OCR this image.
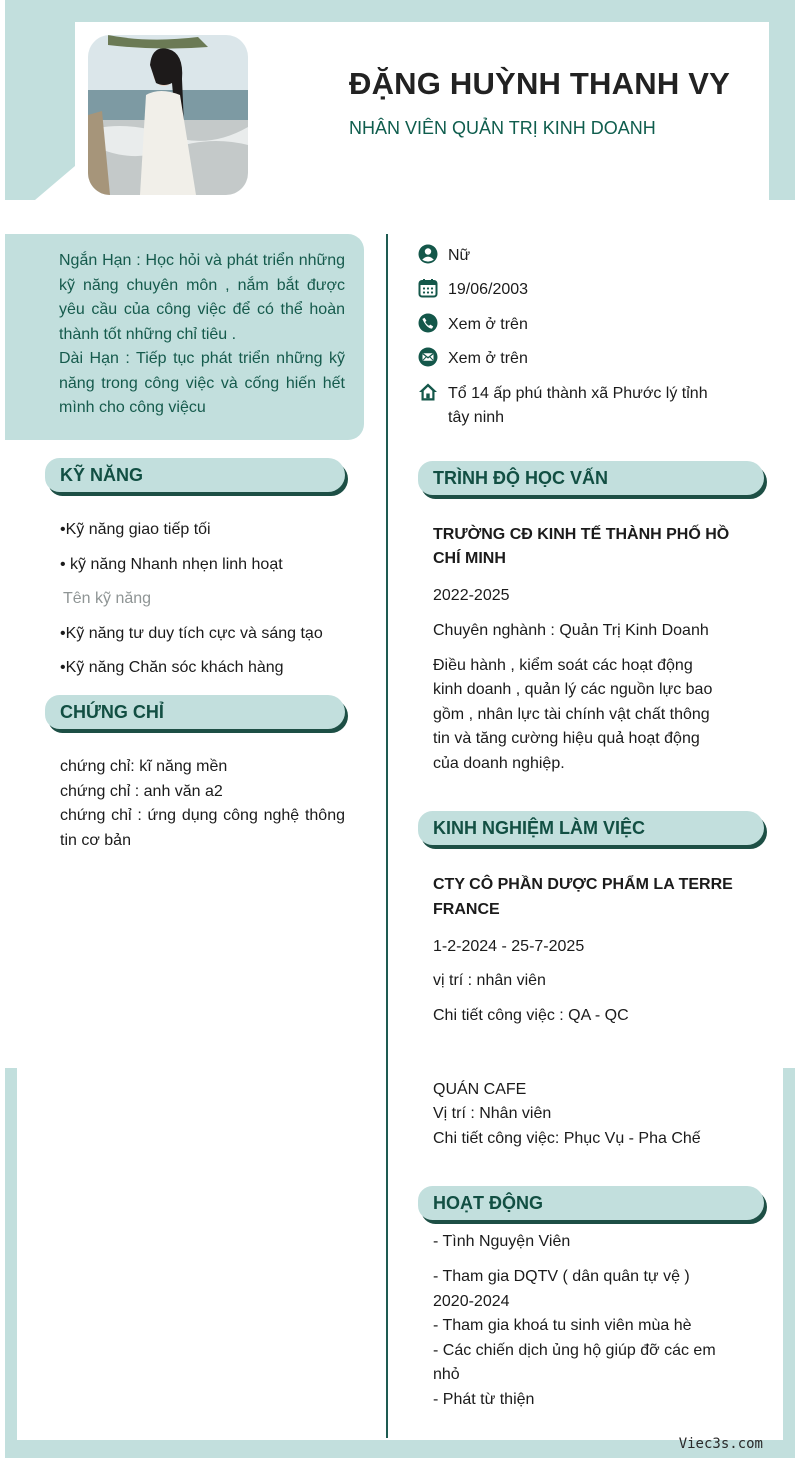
ĐẶNG HUỲNH THANH VY
NHÂN VIÊN QUẢN TRỊ KINH DOANH

Ngắn Hạn : Học hỏi và phát triển những kỹ năng chuyên môn , nắm bắt được yêu cầu của công việc để có thể hoàn thành tốt những chỉ tiêu .

Dài Hạn : Tiếp tục phát triển những kỹ năng trong công việc và cống hiến hết mình cho công việcu

Nữ
19/06/2003
Xem ở trên
Xem ở trên
Tổ 14 ấp phú thành xã Phước lý tỉnh
tây ninh
KỸ NĂNG
•Kỹ năng giao tiếp tối
• kỹ năng Nhanh nhẹn linh hoạt
Tên kỹ năng
•Kỹ năng tư duy tích cực và sáng tạo
•Kỹ năng Chăn sóc khách hàng
CHỨNG CHỈ
chứng chỉ: kĩ năng mền
chứng chỉ : anh văn a2
chứng chỉ : ứng dụng công nghệ thông tin cơ bản
TRÌNH ĐỘ HỌC VẤN
TRƯỜNG CĐ KINH TẾ THÀNH PHỐ HỒ
CHÍ MINH
2022-2025
Chuyên nghành : Quản Trị Kinh Doanh
Điều hành , kiểm soát các hoạt động
kinh doanh , quản lý các nguồn lực bao
gồm , nhân lực tài chính vật chất thông
tin và tăng cường hiệu quả hoạt động
của doanh nghiệp.
KINH NGHIỆM LÀM VIỆC
CTY CÔ PHẦN DƯỢC PHẨM LA TERRE
FRANCE
1-2-2024 - 25-7-2025
vị trí : nhân viên
Chi tiết công việc : QA - QC
QUÁN CAFE
Vị trí : Nhân viên
Chi tiết công việc: Phục Vụ - Pha Chế
HOẠT ĐỘNG
- Tình Nguyện Viên
- Tham gia DQTV ( dân quân tự vệ )
2020-2024
- Tham gia khoá tu sinh viên mùa hè
- Các chiến dịch ủng hộ giúp đỡ các em
nhỏ
- Phát từ thiện
Viec3s.com
